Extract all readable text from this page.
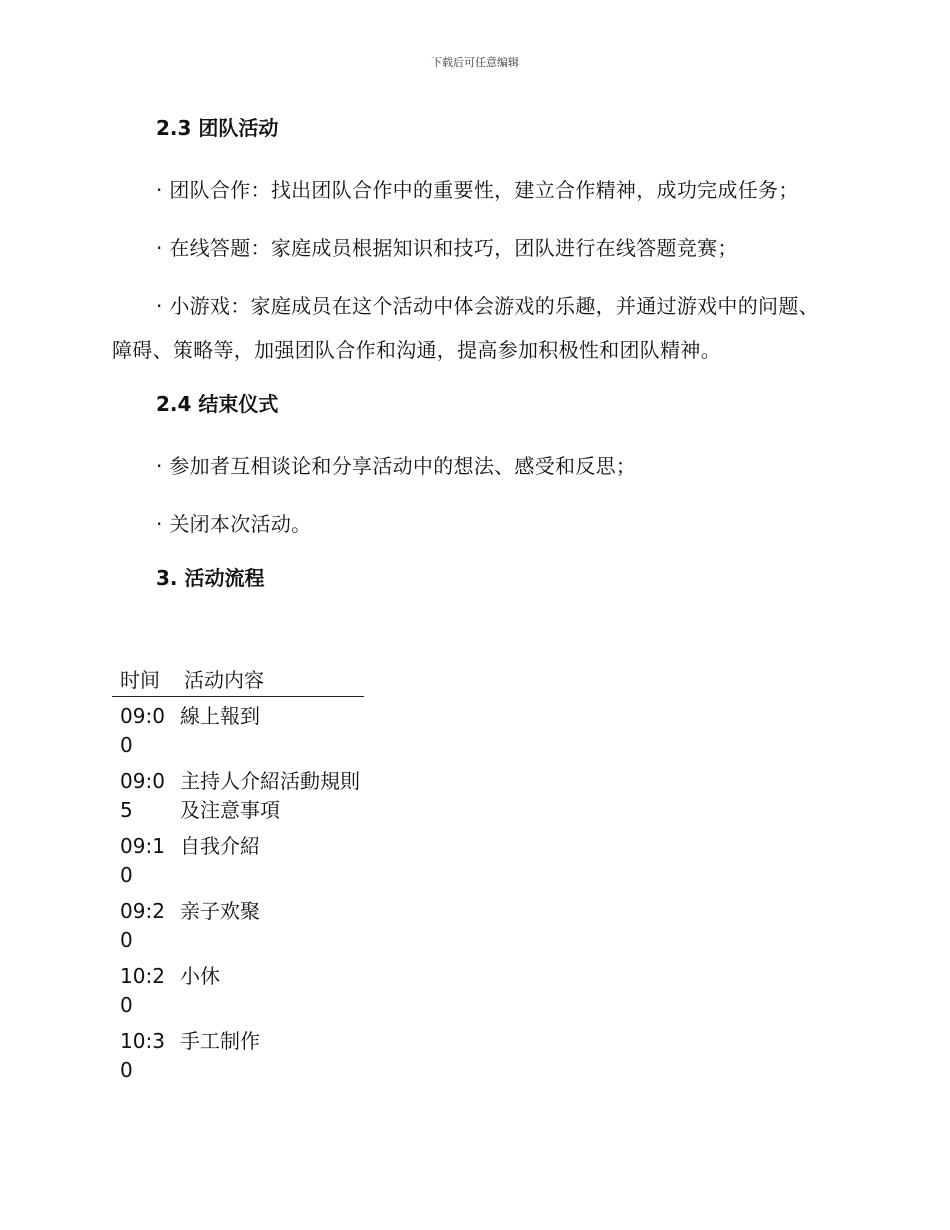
下载后可任意编辑
2.3 团队活动
· 团队合作：找出团队合作中的重要性，建立合作精神，成功完成任务；
· 在线答题：家庭成员根据知识和技巧，团队进行在线答题竞赛；
· 小游戏：家庭成员在这个活动中体会游戏的乐趣，并通过游戏中的问题、障碍、策略等，加强团队合作和沟通，提高参加积极性和团队精神。
2.4 结束仪式
· 参加者互相谈论和分享活动中的想法、感受和反思；
· 关闭本次活动。
3. 活动流程
时间	活动内容
09:00
線上報到
09:05
主持人介紹活動規則及注意事項
09:10
自我介紹
09:20
亲子欢聚
10:20
小休
10:30
手工制作
